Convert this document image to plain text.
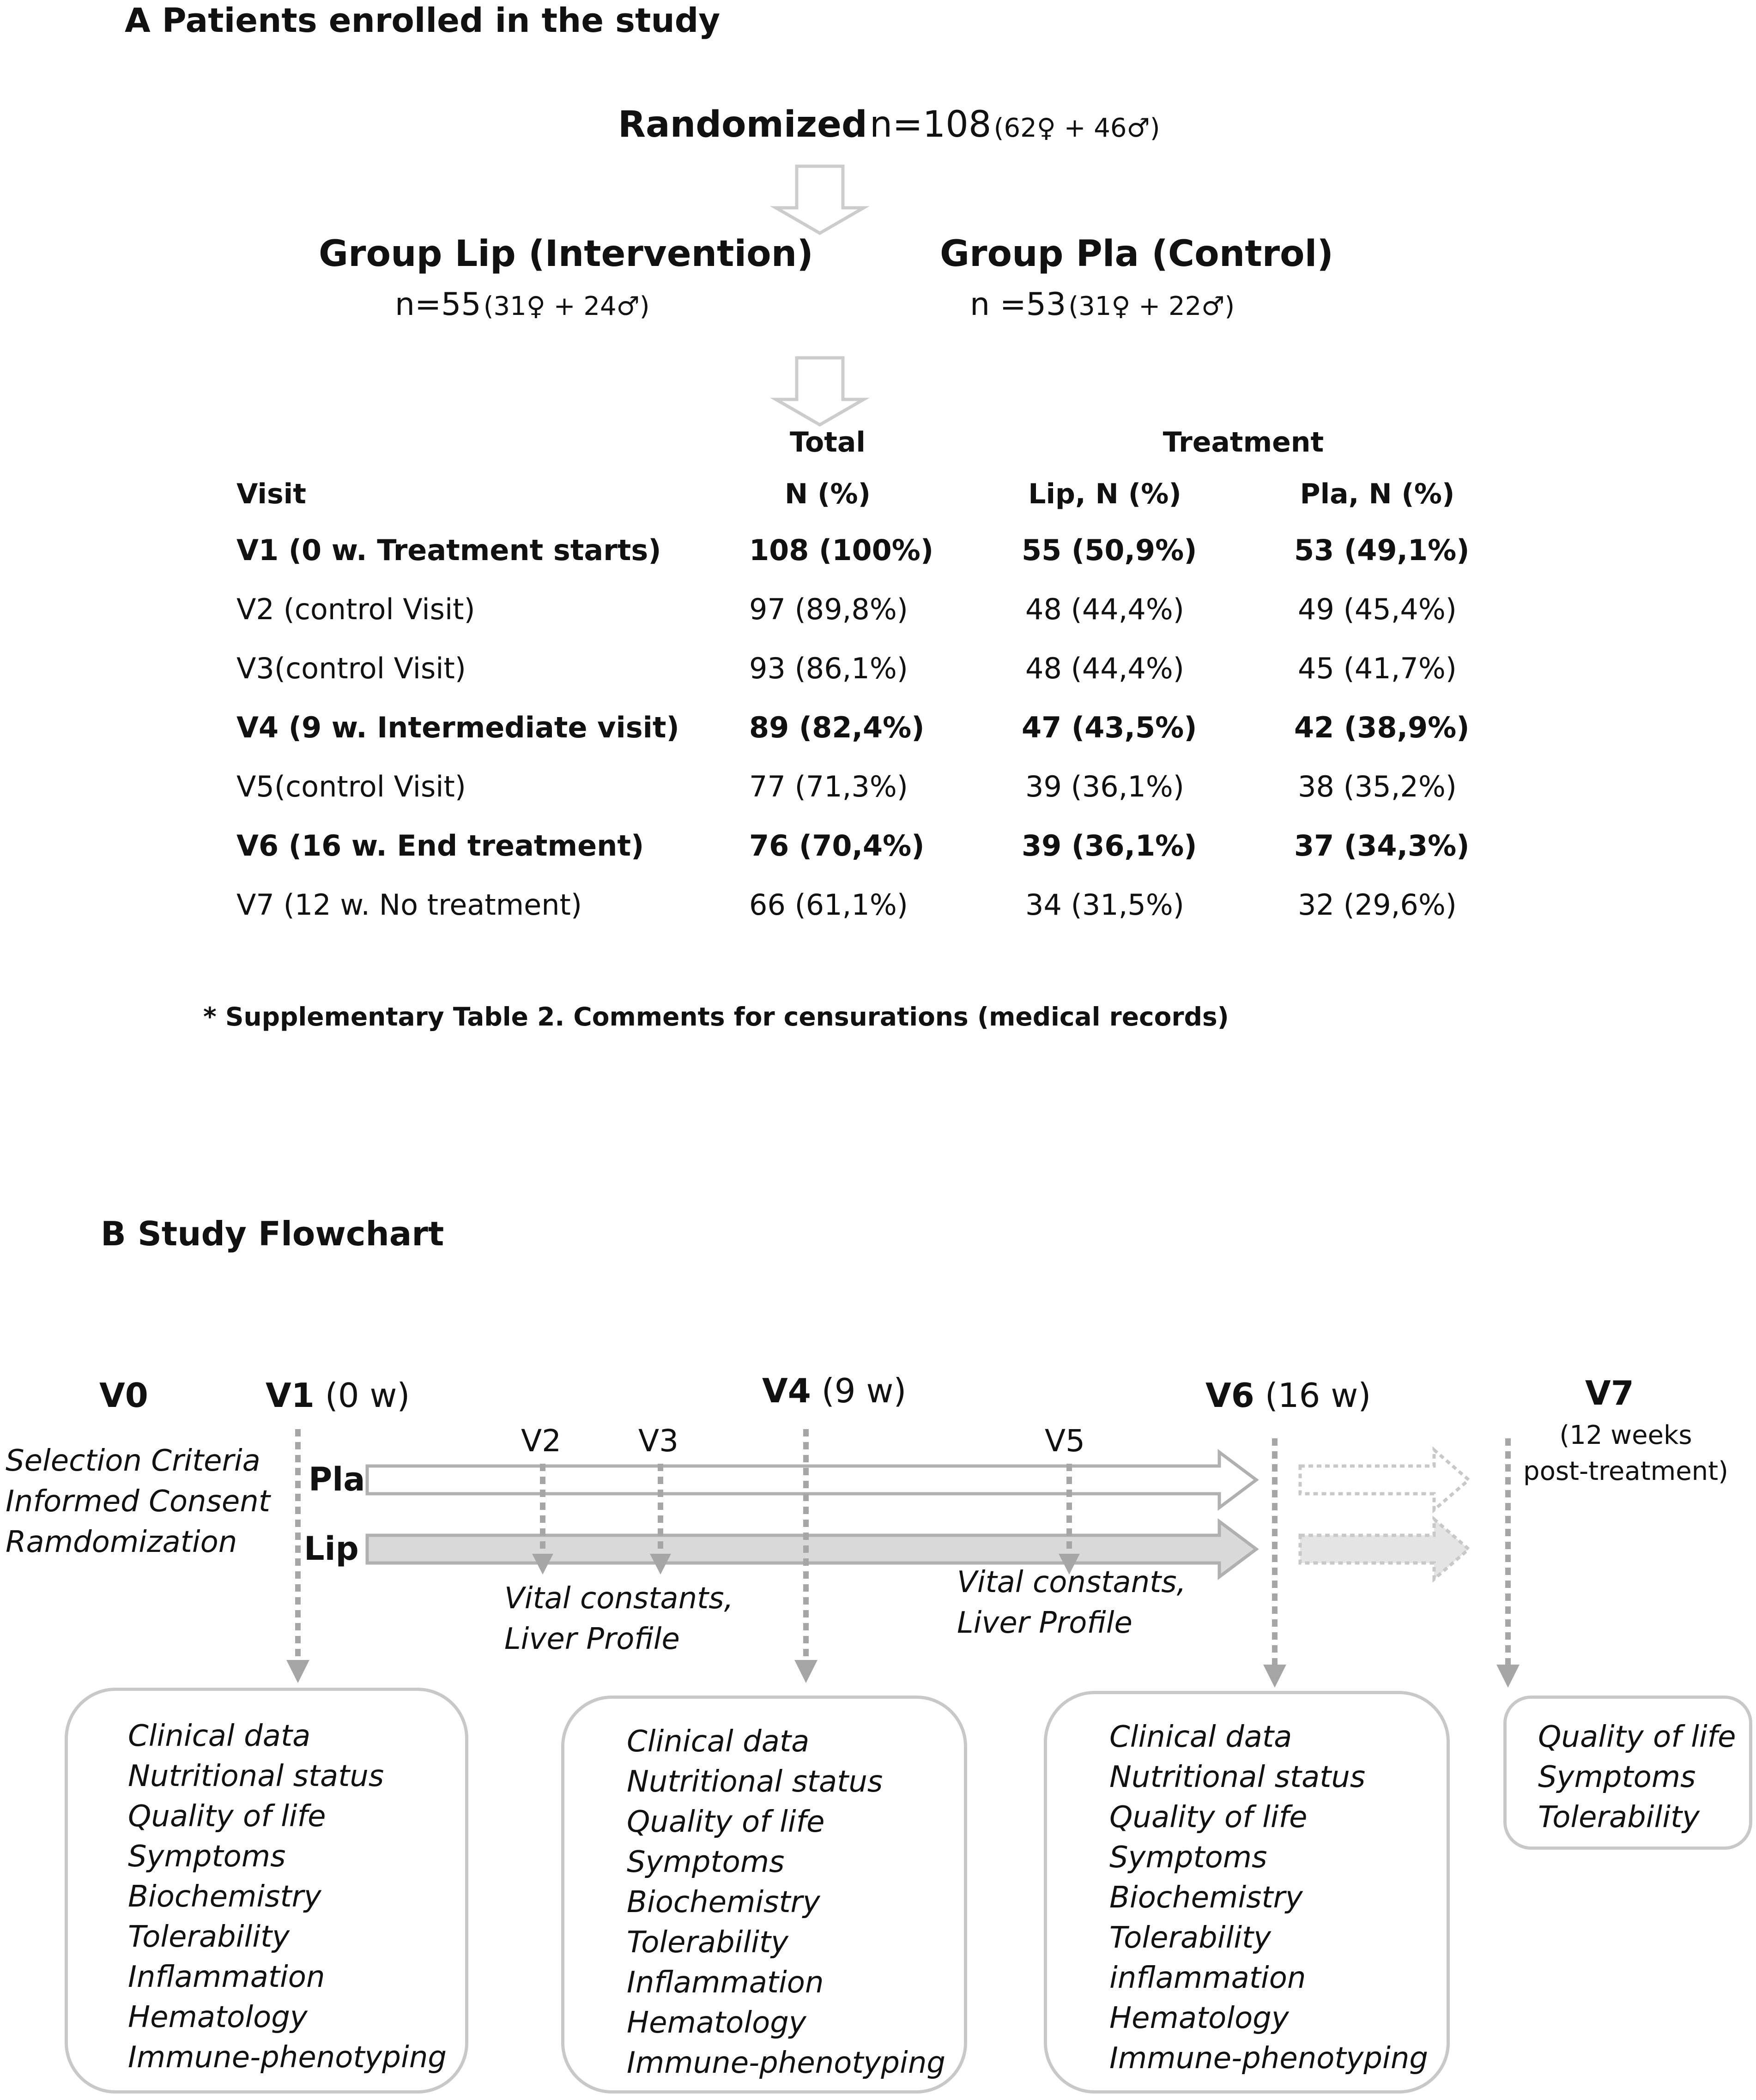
A Patients enrolled in the study
Randomized n=108 (62♀ + 46♂)
Group Lip (Intervention)
n=55 (31♀ + 24♂)
Group Pla (Control)
n =53 (31♀ + 22♂)
Total	Treatment
Visit	N (%)	Lip, N (%)	Pla, N (%)
V1 (0 w. Treatment starts)	108 (100%)	55 (50,9%)	53 (49,1%)
V2 (control Visit)	97 (89,8%)	48 (44,4%)	49 (45,4%)
V3(control Visit)	93 (86,1%)	48 (44,4%)	45 (41,7%)
V4 (9 w. Intermediate visit) 89 (82,4%)	47 (43,5%)	42 (38,9%)
V5(control Visit)	77 (71,3%)	39 (36,1%)	38 (35,2%)
V6 (16 w. End treatment)	76 (70,4%)	39 (36,1%)	37 (34,3%)
V7 (12 w. No treatment)	66 (61,1%)	34 (31,5%)	32 (29,6%)
* Supplementary Table 2. Comments for censurations (medical records)
B Study Flowchart
V0
Selection Criteria
Informed Consent
Ramdomization
V1 (0 w)	V4 (9 w)	V6 (16 w)	V7
(12 weeks
post-treatment)
V2	V3	V5
Pla
Lip
Vital constants,
Liver Profile
Vital constants,
Liver Profile
Clinical data
Nutritional status
Quality of life
Symptoms
Biochemistry
Tolerability
Inflammation
Hematology
Immune-phenotyping
Clinical data
Nutritional status
Quality of life
Symptoms
Biochemistry
Tolerability
Inflammation
Hematology
Immune-phenotyping
Clinical data
Nutritional status
Quality of life
Symptoms
Biochemistry
Tolerability
inflammation
Hematology
Immune-phenotyping
Quality of life
Symptoms
Tolerability
